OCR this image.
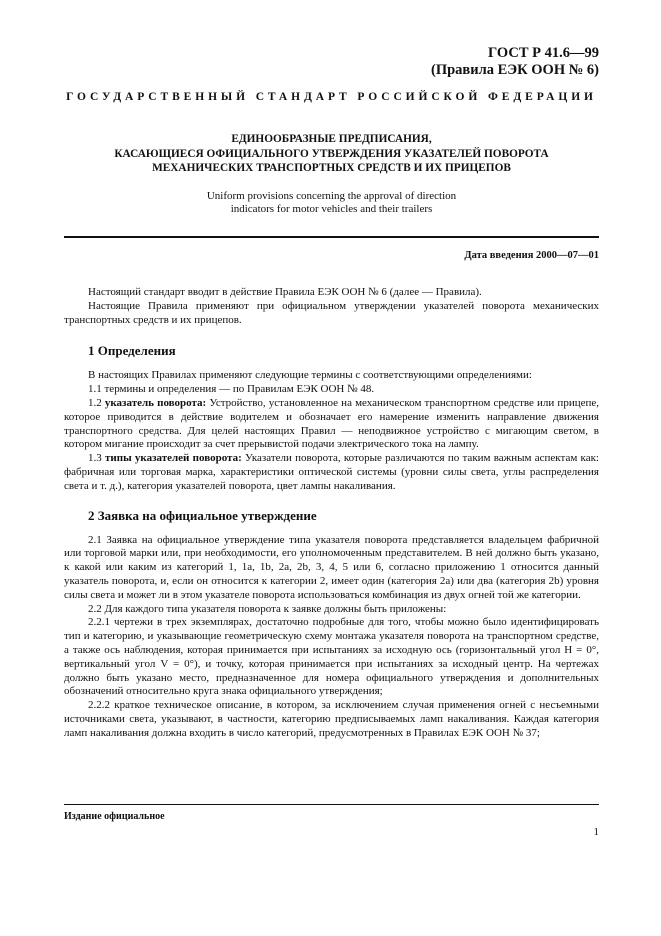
ГОСТ Р 41.6—99
(Правила ЕЭК ООН № 6)
ГОСУДАРСТВЕННЫЙ СТАНДАРТ РОССИЙСКОЙ ФЕДЕРАЦИИ
ЕДИНООБРАЗНЫЕ ПРЕДПИСАНИЯ,
КАСАЮЩИЕСЯ ОФИЦИАЛЬНОГО УТВЕРЖДЕНИЯ УКАЗАТЕЛЕЙ ПОВОРОТА
МЕХАНИЧЕСКИХ ТРАНСПОРТНЫХ СРЕДСТВ И ИХ ПРИЦЕПОВ
Uniform provisions concerning the approval of direction
indicators for motor vehicles and their trailers
Дата введения 2000—07—01

Настоящий стандарт вводит в действие Правила ЕЭК ООН № 6 (далее — Правила).

Настоящие Правила применяют при официальном утверждении указателей поворота механических транспортных средств и их прицепов.

1 Определения

В настоящих Правилах применяют следующие термины с соответствующими определениями:

1.1 термины и определения — по Правилам ЕЭК ООН № 48.

1.2 указатель поворота: Устройство, установленное на механическом транспортном средстве или прицепе, которое приводится в действие водителем и обозначает его намерение изменить направление движения транспортного средства. Для целей настоящих Правил — неподвижное устройство с мигающим светом, в котором мигание происходит за счет прерывистой подачи электрического тока на лампу.

1.3 типы указателей поворота: Указатели поворота, которые различаются по таким важным аспектам как: фабричная или торговая марка, характеристики оптической системы (уровни силы света, углы распределения света и т. д.), категория указателей поворота, цвет лампы накаливания.

2 Заявка на официальное утверждение

2.1 Заявка на официальное утверждение типа указателя поворота представляется владельцем фабричной или торговой марки или, при необходимости, его уполномоченным представителем. В ней должно быть указано, к какой или каким из категорий 1, 1а, 1b, 2а, 2b, 3, 4, 5 или 6, согласно приложению 1 относится данный указатель поворота, и, если он относится к категории 2, имеет один (категория 2а) или два (категория 2b) уровня силы света и может ли в этом указателе поворота использоваться комбинация из двух огней той же категории.

2.2 Для каждого типа указателя поворота к заявке должны быть приложены:

2.2.1 чертежи в трех экземплярах, достаточно подробные для того, чтобы можно было идентифицировать тип и категорию, и указывающие геометрическую схему монтажа указателя поворота на транспортном средстве, а также ось наблюдения, которая принимается при испытаниях за исходную ось (горизонтальный угол H = 0°, вертикальный угол V = 0°), и точку, которая принимается при испытаниях за исходный центр. На чертежах должно быть указано место, предназначенное для номера официального утверждения и дополнительных обозначений относительно круга знака официального утверждения;

2.2.2 краткое техническое описание, в котором, за исключением случая применения огней с несъемными источниками света, указывают, в частности, категорию предписываемых ламп накаливания. Каждая категория ламп накаливания должна входить в число категорий, предусмотренных в Правилах ЕЭК ООН № 37;

Издание официальное
1
